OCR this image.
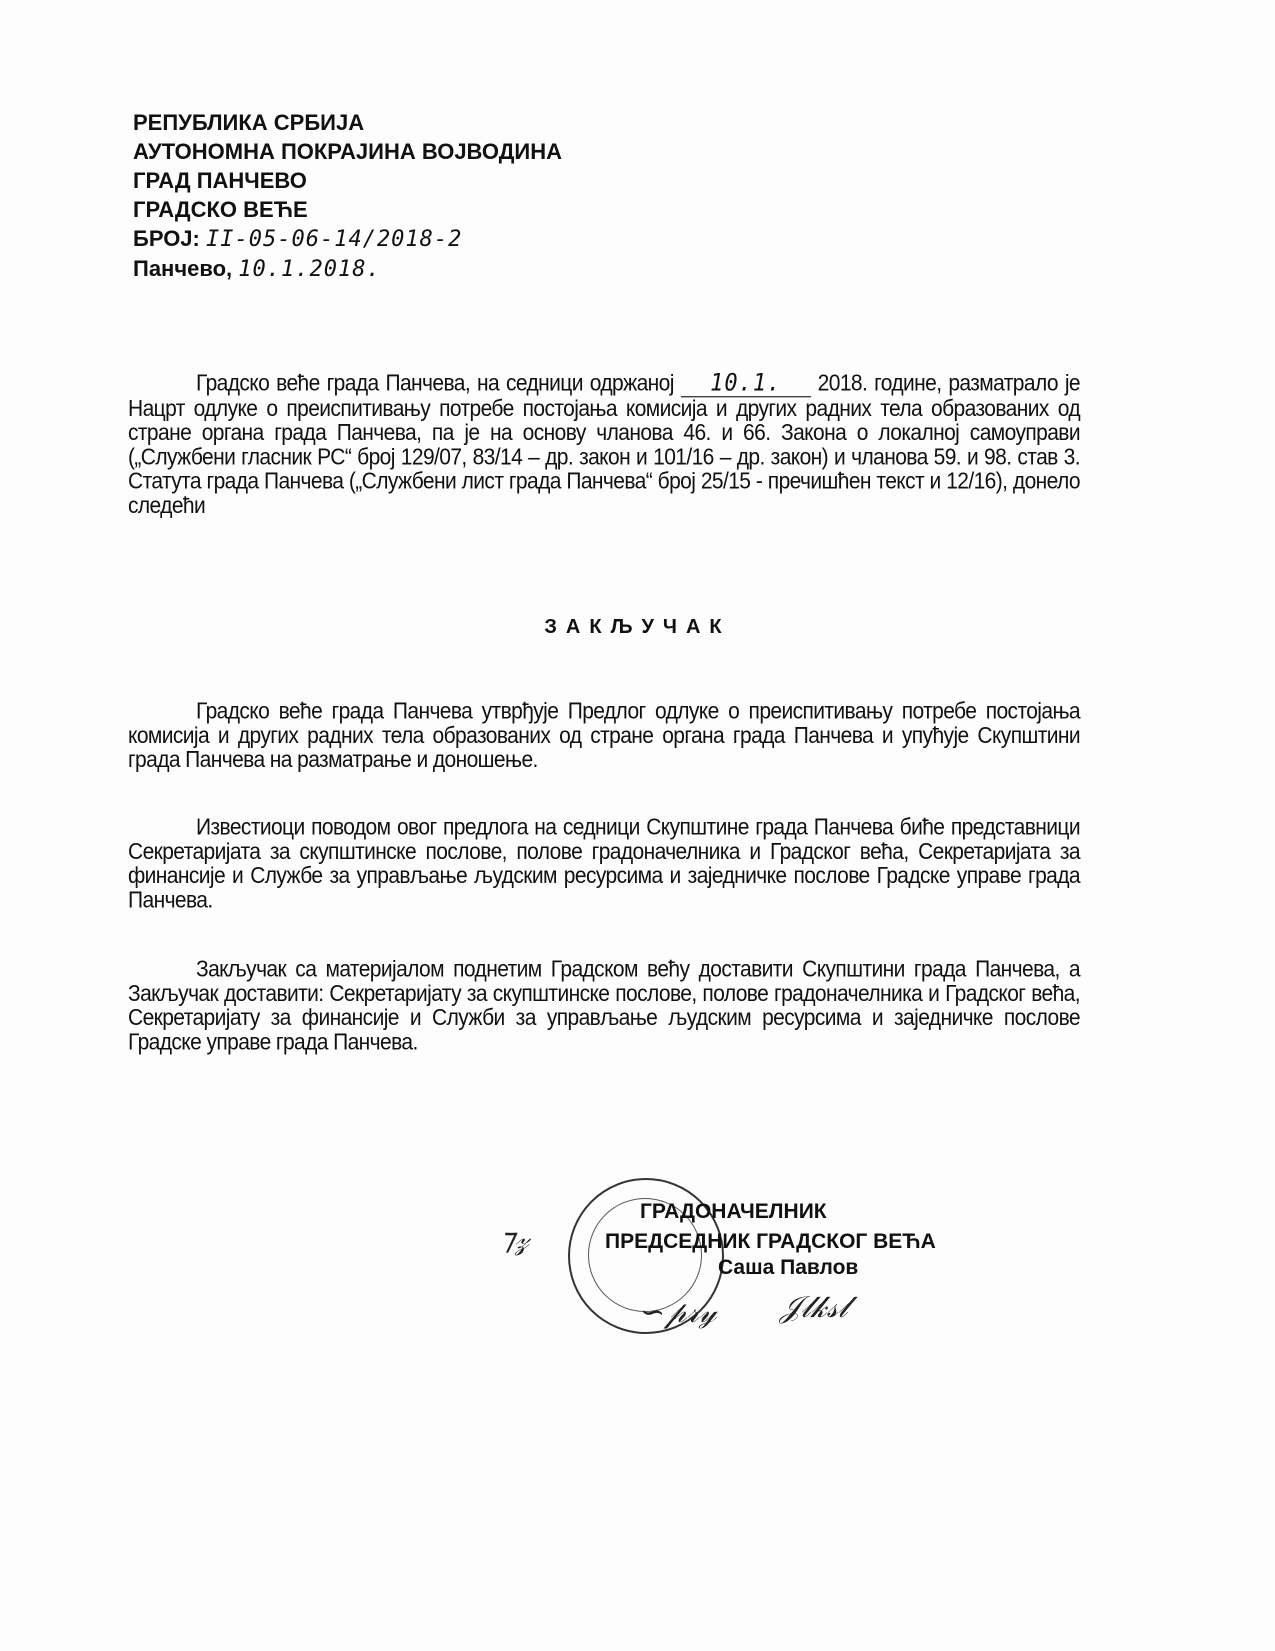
РЕПУБЛИКА СРБИЈА
АУТОНОМНА ПОКРАЈИНА ВОЈВОДИНА
ГРАД ПАНЧЕВО
ГРАДСКО ВЕЋЕ
БРОЈ: II-05-06-14/2018-2
Панчево, 10.1.2018.
Градско веће града Панчева, на седници одржаној 10.1. 2018. године, разматрало је Нацрт одлуке о преиспитивању потребе постојања комисија и других радних тела образованих од стране органа града Панчева, па је на основу чланова 46. и 66. Закона о локалној самоуправи („Службени гласник РС“ број 129/07, 83/14 – др. закон и 101/16 – др. закон) и чланова 59. и 98. став 3. Статута града Панчева („Службени лист града Панчева“ број 25/15 - пречишћен текст и 12/16), донело следећи
ЗАКЉУЧАК
Градско веће града Панчева утврђује Предлог одлуке о преиспитивању потребе постојања комисија и других радних тела образованих од стране органа града Панчева и упућује Скупштини града Панчева на разматрање и доношење.
Известиоци поводом овог предлога на седници Скупштине града Панчева биће представници Секретаријата за скупштинске послове, полове градоначелника и Градског већа, Секретаријата за финансије и Службе за управљање људским ресурсима и заједничке послове Градске управе града Панчева.
Закључак са материјалом поднетим Градском већу доставити Скупштини града Панчева, а Закључак доставити: Секретаријату за скупштинске послове, полове градоначелника и Градског већа, Секретаријату за финансије и Служби за управљање људским ресурсима и заједничке послове Градске управе града Панчева.
ГРАДОНАЧЕЛНИК
ПРЕДСЕДНИК ГРАДСКОГ ВЕЋА
Саша Павлов
⁊𝓏
∽𝓅𝓇𝓎 𝒥𝓁𝓀𝓈𝓁
